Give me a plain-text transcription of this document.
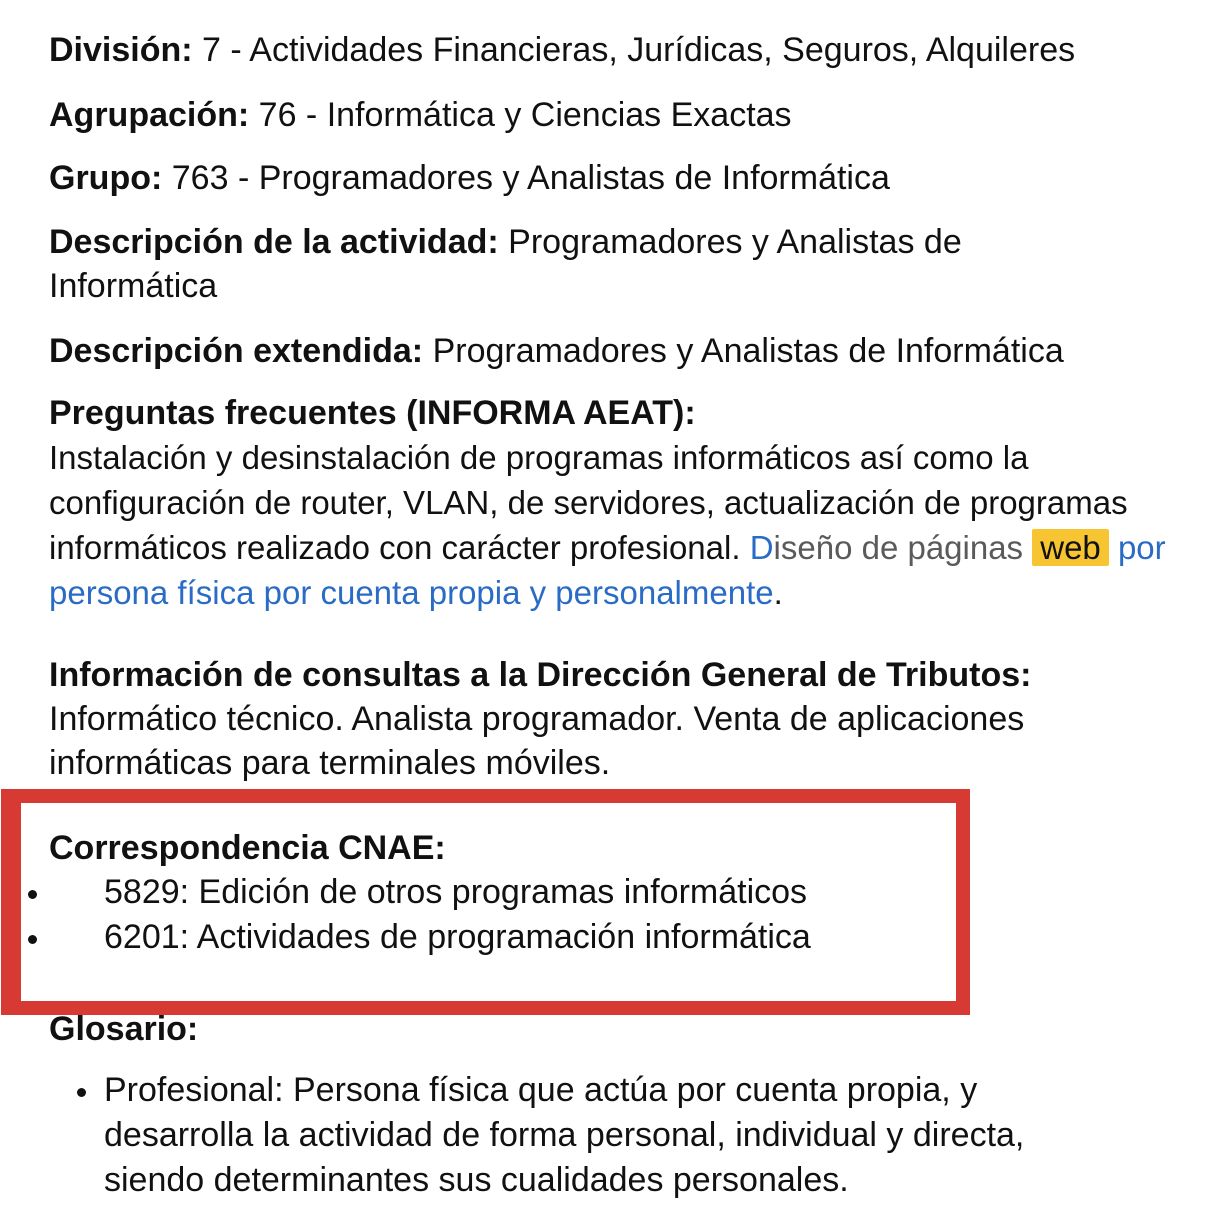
División: 7 - Actividades Financieras, Jurídicas, Seguros, Alquileres
Agrupación: 76 - Informática y Ciencias Exactas
Grupo: 763 - Programadores y Analistas de Informática
Descripción de la actividad: Programadores y Analistas de Informática
Descripción extendida: Programadores y Analistas de Informática
Preguntas frecuentes (INFORMA AEAT):
Instalación y desinstalación de programas informáticos así como la configuración de router, VLAN, de servidores, actualización de programas informáticos realizado con carácter profesional. Diseño de páginas web por persona física por cuenta propia y personalmente.
Información de consultas a la Dirección General de Tributos:
Informático técnico. Analista programador. Venta de aplicaciones informáticas para terminales móviles.
Correspondencia CNAE:
5829: Edición de otros programas informáticos
6201: Actividades de programación informática
Glosario:
Profesional: Persona física que actúa por cuenta propia, y desarrolla la actividad de forma personal, individual y directa, siendo determinantes sus cualidades personales.
